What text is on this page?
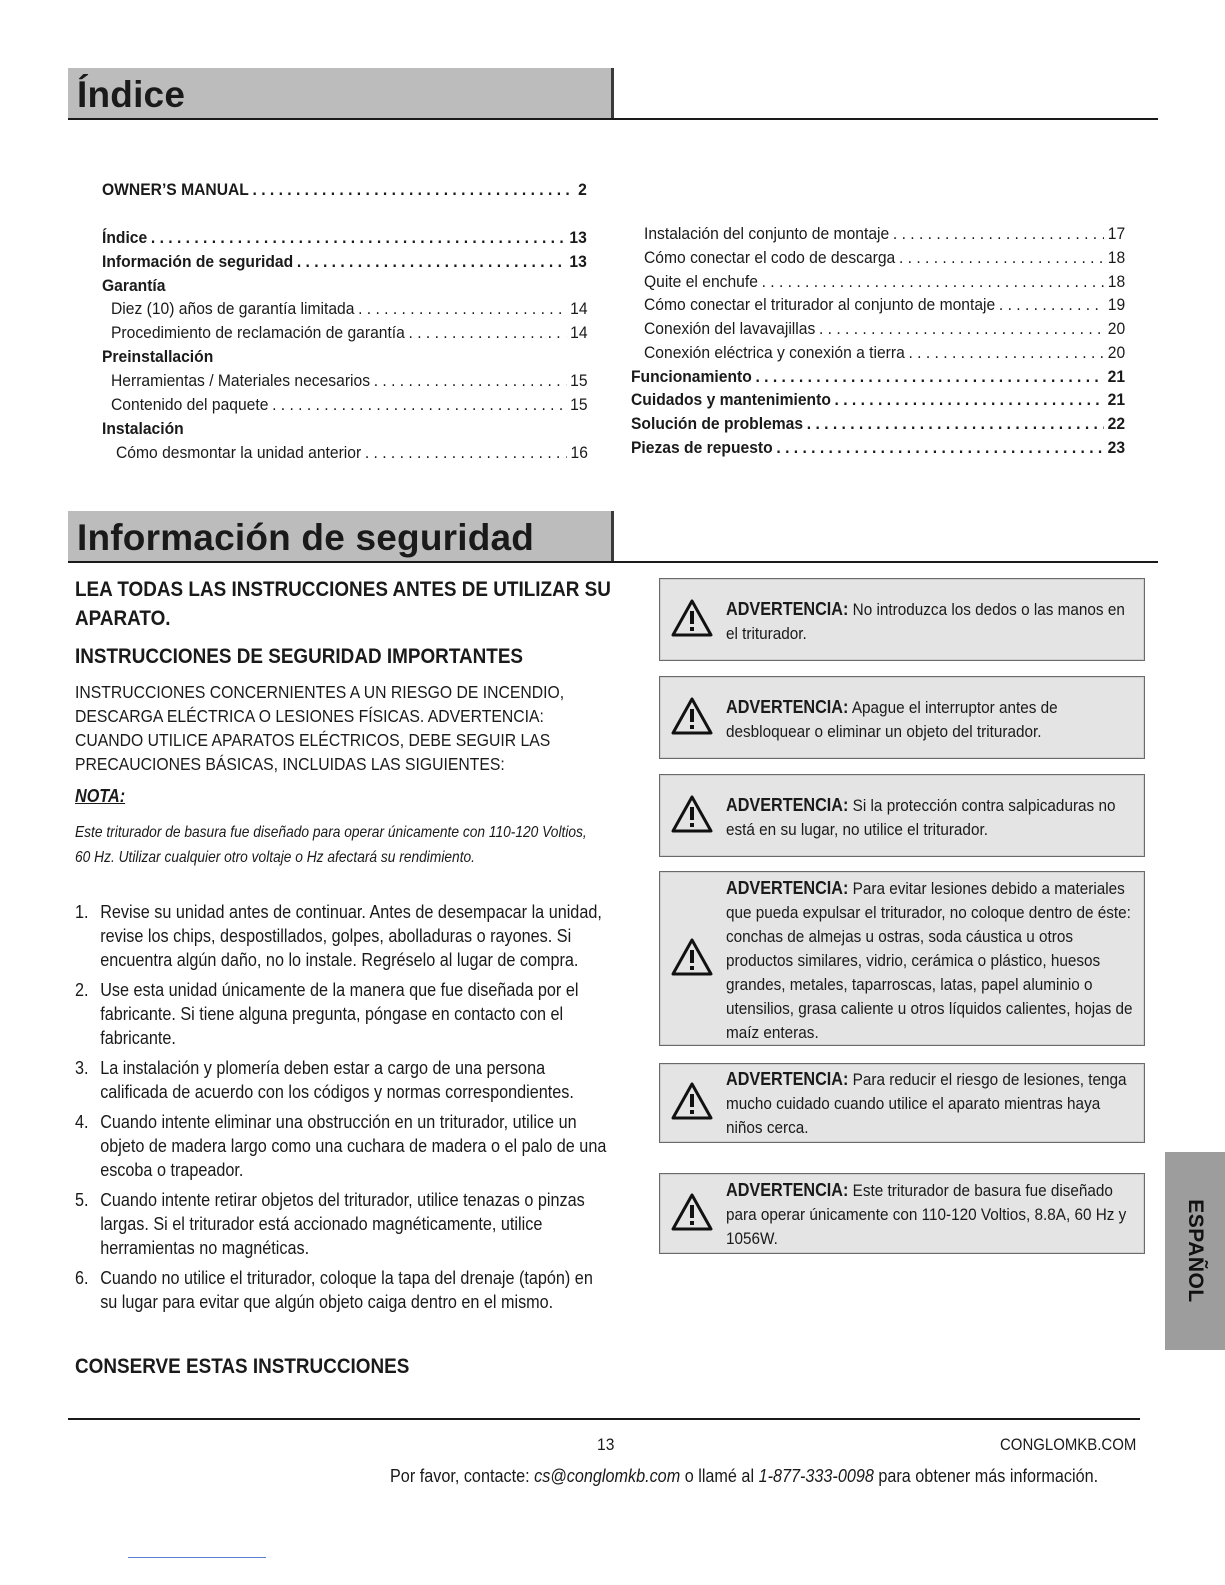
Índice
OWNER’S MANUAL . . .	2
Índice . . .	13
Información de seguridad . . .	13
Garantía
Diez (10) años de garantía limitada . . .	14
Procedimiento de reclamación de garantía . . .	14
Preinstallación
Herramientas / Materiales necesarios . . .	15
Contenido del paquete . . .	15
Instalación
Cómo desmontar la unidad anterior . . .	16
Instalación del conjunto de montaje . . .	17
Cómo conectar el codo de descarga . . .	18
Quite el enchufe . . .	18
Cómo conectar el triturador al conjunto de montaje . . .	19
Conexión del lavavajillas . . .	20
Conexión eléctrica y conexión a tierra . . .	20
Funcionamiento . . .	21
Cuidados y mantenimiento . . .	21
Solución de problemas . . .	22
Piezas de repuesto . . .	23
Información de seguridad
LEA TODAS LAS INSTRUCCIONES ANTES DE UTILIZAR SU APARATO.
INSTRUCCIONES DE SEGURIDAD IMPORTANTES
INSTRUCCIONES CONCERNIENTES A UN RIESGO DE INCENDIO, DESCARGA ELÉCTRICA O LESIONES FÍSICAS. ADVERTENCIA: CUANDO UTILICE APARATOS ELÉCTRICOS, DEBE SEGUIR LAS PRECAUCIONES BÁSICAS, INCLUIDAS LAS SIGUIENTES:
NOTA:
Este triturador de basura fue diseñado para operar únicamente con 110-120 Voltios,
60 Hz. Utilizar cualquier otro voltaje o Hz afectará su rendimiento.
1. Revise su unidad antes de continuar. Antes de desempacar la unidad, revise los chips, despostillados, golpes, abolladuras o rayones. Si encuentra algún daño, no lo instale. Regréselo al lugar de compra.
2. Use esta unidad únicamente de la manera que fue diseñada por el fabricante. Si tiene alguna pregunta, póngase en contacto con el fabricante.
3. La instalación y plomería deben estar a cargo de una persona calificada de acuerdo con los códigos y normas correspondientes.
4. Cuando intente eliminar una obstrucción en un triturador, utilice un objeto de madera largo como una cuchara de madera o el palo de una escoba o trapeador.
5. Cuando intente retirar objetos del triturador, utilice tenazas o pinzas largas. Si el triturador está accionado magnéticamente, utilice herramientas no magnéticas.
6. Cuando no utilice el triturador, coloque la tapa del drenaje (tapón) en su lugar para evitar que algún objeto caiga dentro en el mismo.
CONSERVE ESTAS INSTRUCCIONES
ADVERTENCIA: No introduzca los dedos o las manos en el triturador.
ADVERTENCIA: Apague el interruptor antes de desbloquear o eliminar un objeto del triturador.
ADVERTENCIA: Si la protección contra salpicaduras no está en su lugar, no utilice el triturador.
ADVERTENCIA: Para evitar lesiones debido a materiales que pueda expulsar el triturador, no coloque dentro de éste: conchas de almejas u ostras, soda cáustica u otros productos similares, vidrio, cerámica o plástico, huesos grandes, metales, taparroscas, latas, papel aluminio o utensilios, grasa caliente u otros líquidos calientes, hojas de maíz enteras.
ADVERTENCIA: Para reducir el riesgo de lesiones, tenga mucho cuidado cuando utilice el aparato mientras haya niños cerca.
ADVERTENCIA: Este triturador de basura fue diseñado para operar únicamente con 110-120 Voltios, 8.8A, 60 Hz y 1056W.	ESPAÑOL
13	CONGLOMKB.COM
Por favor, contacte: cs@conglomkb.com o llamé al 1-877-333-0098 para obtener más información.
